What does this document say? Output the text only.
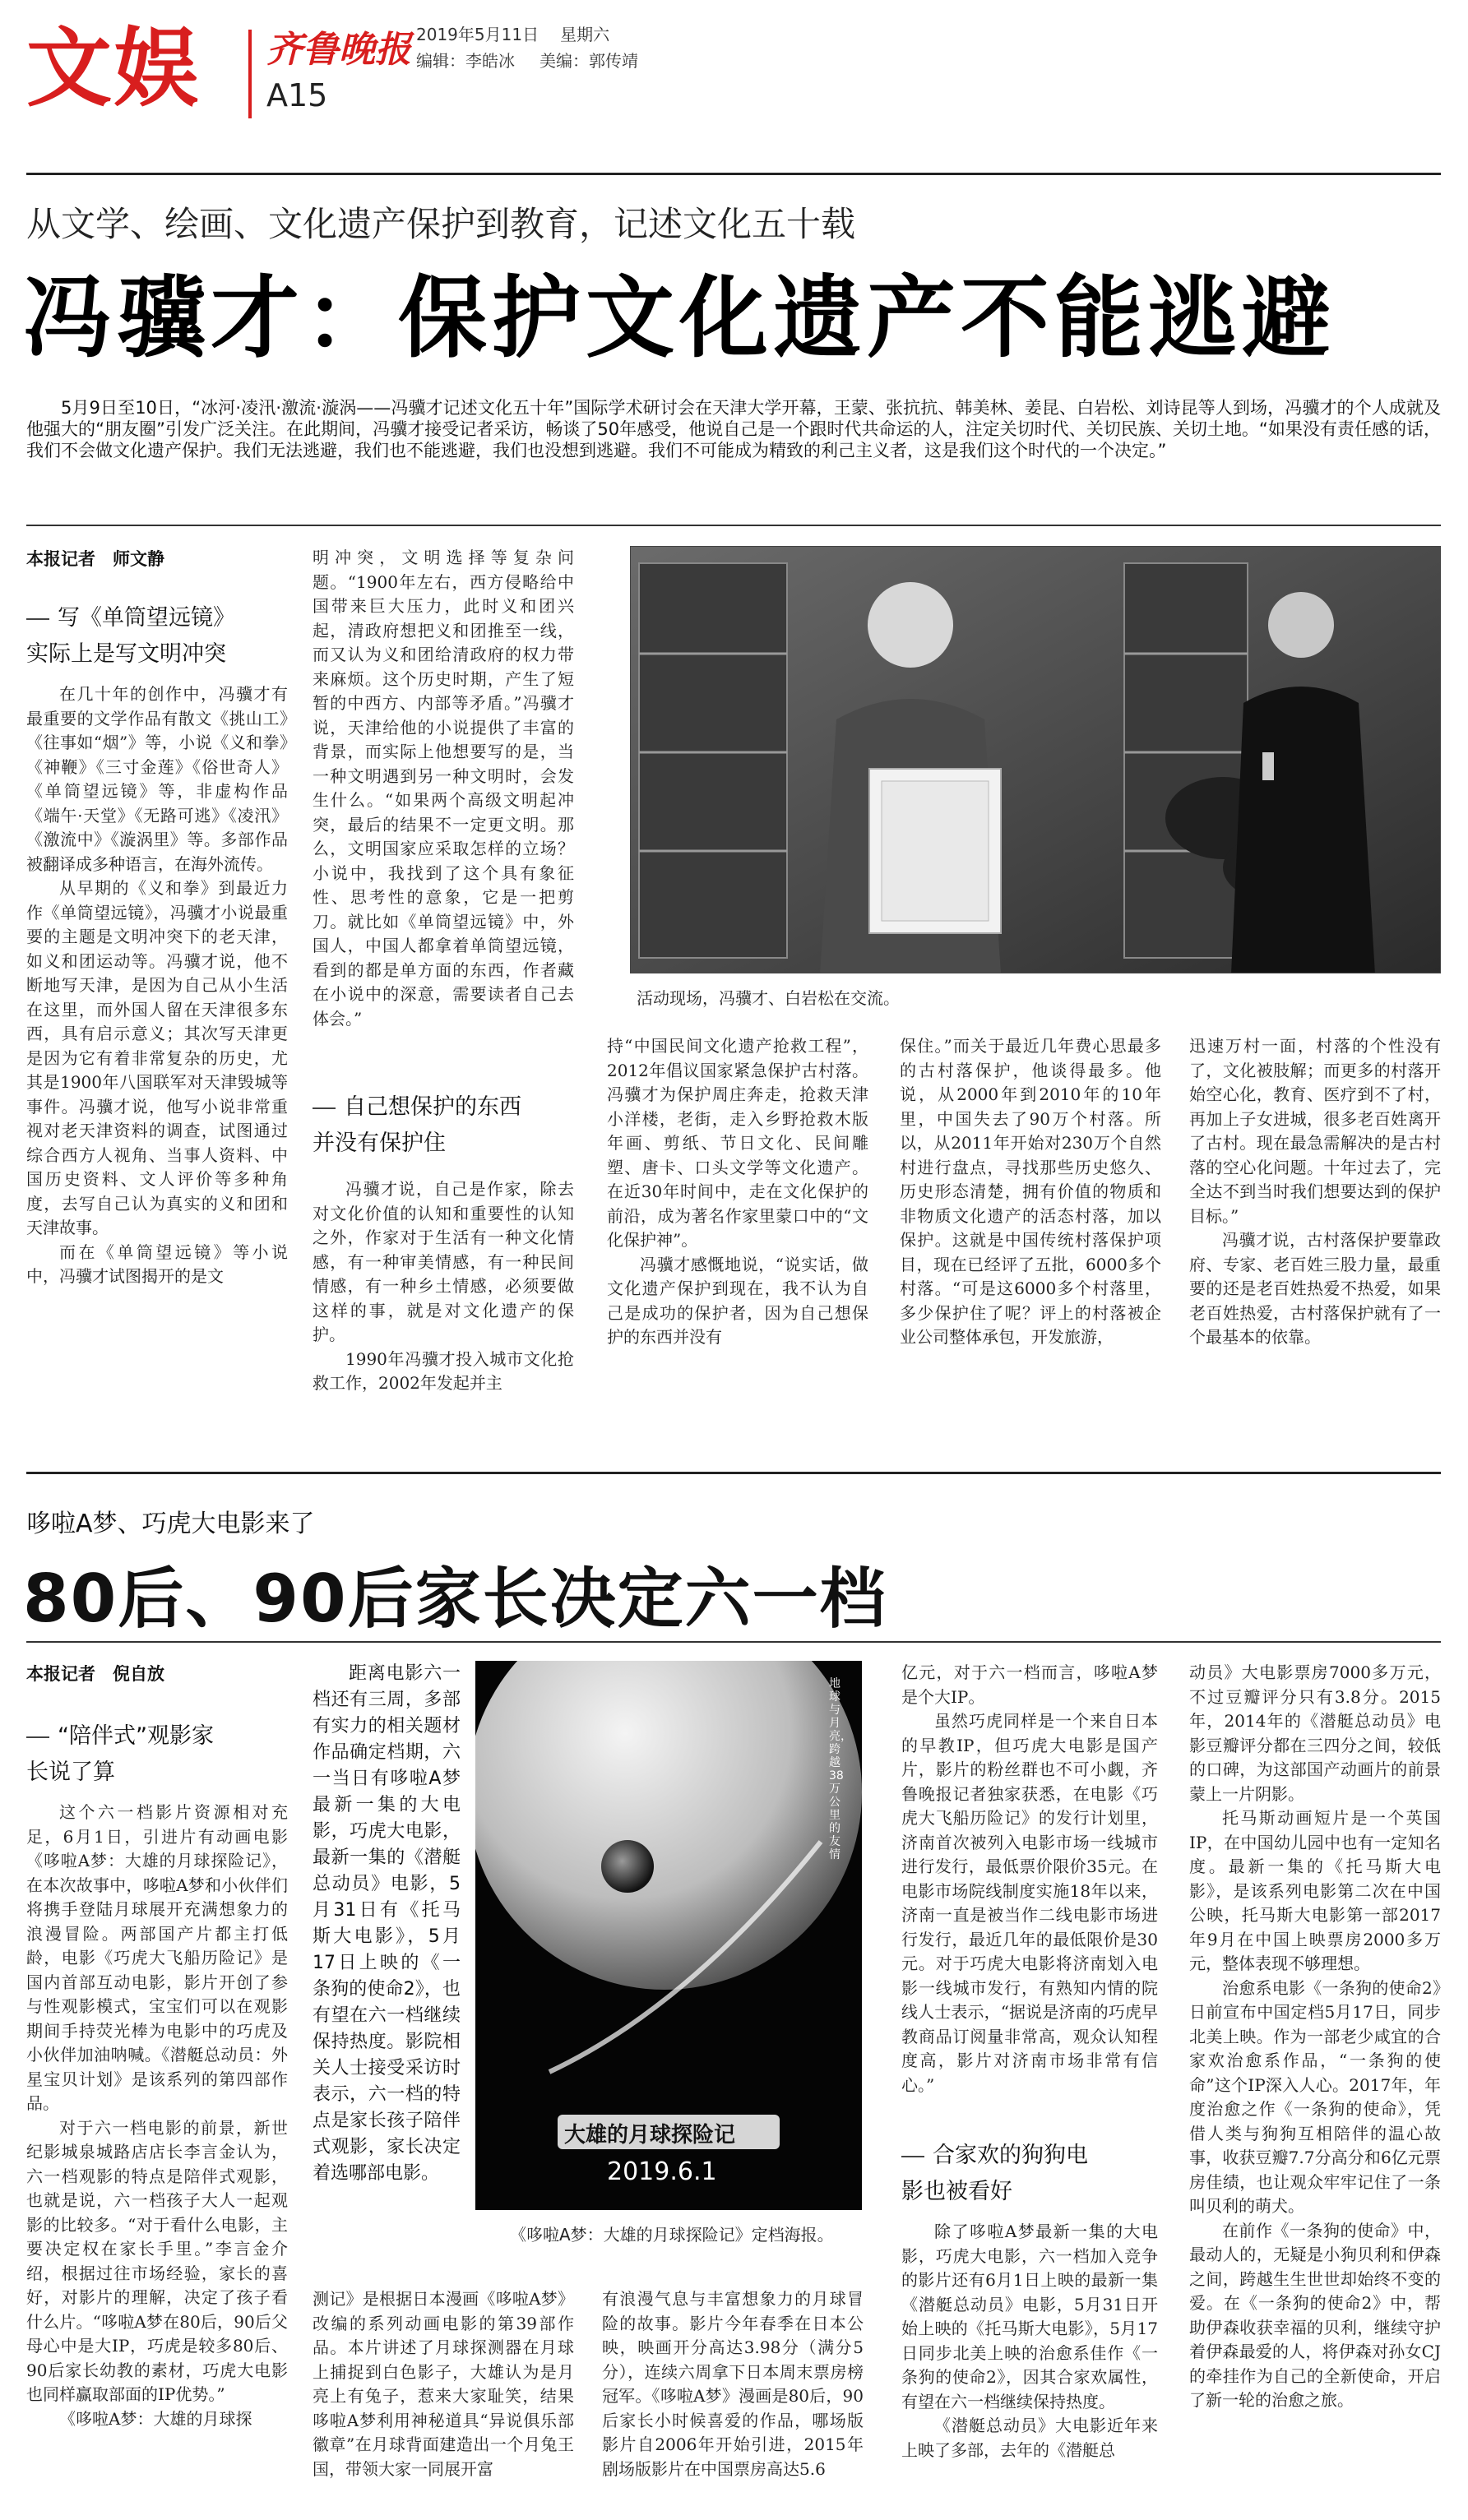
文娱 齐鲁晚报 2019年5月11日 星期六
编辑：李皓冰 美编：郭传靖
A15
从文学、绘画、文化遗产保护到教育，记述文化五十载
冯骥才：保护文化遗产不能逃避
5月9日至10日，“冰河·凌汛·激流·漩涡——冯骥才记述文化五十年”国际学术研讨会在天津大学开幕，王蒙、张抗抗、韩美林、姜昆、白岩松、刘诗昆等人到场，冯骥才的个人成就及他强大的“朋友圈”引发广泛关注。在此期间，冯骥才接受记者采访，畅谈了50年感受，他说自己是一个跟时代共命运的人，注定关切时代、关切民族、关切土地。“如果没有责任感的话，我们不会做文化遗产保护。我们无法逃避，我们也不能逃避，我们也没想到逃避。我们不可能成为精致的利己主义者，这是我们这个时代的一个决定。”
本报记者　师文静
写《单筒望远镜》
实际上是写文明冲突

在几十年的创作中，冯骥才有最重要的文学作品有散文《挑山工》《往事如“烟”》等，小说《义和拳》《神鞭》《三寸金莲》《俗世奇人》《单筒望远镜》等，非虚构作品《端午·天堂》《无路可逃》《凌汛》《激流中》《漩涡里》等。多部作品被翻译成多种语言，在海外流传。

从早期的《义和拳》到最近力作《单筒望远镜》，冯骥才小说最重要的主题是文明冲突下的老天津，如义和团运动等。冯骥才说，他不断地写天津，是因为自己从小生活在这里，而外国人留在天津很多东西，具有启示意义；其次写天津更是因为它有着非常复杂的历史，尤其是1900年八国联军对天津毁城等事件。冯骥才说，他写小说非常重视对老天津资料的调查，试图通过综合西方人视角、当事人资料、中国历史资料、文人评价等多种角度，去写自己认为真实的义和团和天津故事。

而在《单筒望远镜》等小说中，冯骥才试图揭开的是文

明冲突，文明选择等复杂问题。“1900年左右，西方侵略给中国带来巨大压力，此时义和团兴起，清政府想把义和团推至一线，而又认为义和团给清政府的权力带来麻烦。这个历史时期，产生了短暂的中西方、内部等矛盾。”冯骥才说，天津给他的小说提供了丰富的背景，而实际上他想要写的是，当一种文明遇到另一种文明时，会发生什么。“如果两个高级文明起冲突，最后的结果不一定更文明。那么，文明国家应采取怎样的立场？小说中，我找到了这个具有象征性、思考性的意象，它是一把剪刀。就比如《单筒望远镜》中，外国人，中国人都拿着单筒望远镜，看到的都是单方面的东西，作者藏在小说中的深意，需要读者自己去体会。”

自己想保护的东西
并没有保护住

冯骥才说，自己是作家，除去对文化价值的认知和重要性的认知之外，作家对于生活有一种文化情感，有一种审美情感，有一种民间情感，有一种乡土情感，必须要做这样的事，就是对文化遗产的保护。

1990年冯骥才投入城市文化抢救工作，2002年发起并主

活动现场，冯骥才、白岩松在交流。

持“中国民间文化遗产抢救工程”，2012年倡议国家紧急保护古村落。冯骥才为保护周庄奔走，抢救天津小洋楼，老街，走入乡野抢救木版年画、剪纸、节日文化、民间雕塑、唐卡、口头文学等文化遗产。在近30年时间中，走在文化保护的前沿，成为著名作家里蒙口中的“文化保护神”。

冯骥才感慨地说，“说实话，做文化遗产保护到现在，我不认为自己是成功的保护者，因为自己想保护的东西并没有

保住。”而关于最近几年费心思最多的古村落保护，他谈得最多。他说，从2000年到2010年的10年里，中国失去了90万个村落。所以，从2011年开始对230万个自然村进行盘点，寻找那些历史悠久、历史形态清楚，拥有价值的物质和非物质文化遗产的活态村落，加以保护。这就是中国传统村落保护项目，现在已经评了五批，6000多个村落。“可是这6000多个村落里，多少保护住了呢？评上的村落被企业公司整体承包，开发旅游，

迅速万村一面，村落的个性没有了，文化被肢解；而更多的村落开始空心化，教育、医疗到不了村，再加上子女进城，很多老百姓离开了古村。现在最急需解决的是古村落的空心化问题。十年过去了，完全达不到当时我们想要达到的保护目标。”

冯骥才说，古村落保护要靠政府、专家、老百姓三股力量，最重要的还是老百姓热爱不热爱，如果老百姓热爱，古村落保护就有了一个最基本的依靠。

哆啦A梦、巧虎大电影来了
80后、90后家长决定六一档
本报记者　倪自放
“陪伴式”观影家
长说了算

这个六一档影片资源相对充足，6月1日，引进片有动画电影《哆啦A梦：大雄的月球探险记》，在本次故事中，哆啦A梦和小伙伴们将携手登陆月球展开充满想象力的浪漫冒险。两部国产片都主打低龄，电影《巧虎大飞船历险记》是国内首部互动电影，影片开创了参与性观影模式，宝宝们可以在观影期间手持荧光棒为电影中的巧虎及小伙伴加油呐喊。《潜艇总动员：外星宝贝计划》是该系列的第四部作品。

对于六一档电影的前景，新世纪影城泉城路店店长李言金认为，六一档观影的特点是陪伴式观影，也就是说，六一档孩子大人一起观影的比较多。“对于看什么电影，主要决定权在家长手里。”李言金介绍，根据过往市场经验，家长的喜好，对影片的理解，决定了孩子看什么片。“哆啦A梦在80后，90后父母心中是大IP，巧虎是较多80后、90后家长幼教的素材，巧虎大电影也同样赢取部面的IP优势。”

《哆啦A梦：大雄的月球探

距离电影六一档还有三周，多部有实力的相关题材作品确定档期，六一当日有哆啦A梦最新一集的大电影，巧虎大电影，最新一集的《潜艇总动员》电影，5月31日有《托马斯大电影》，5月17日上映的《一条狗的使命2》，也有望在六一档继续保持热度。影院相关人士接受采访时表示，六一档的特点是家长孩子陪伴式观影，家长决定着选哪部电影。
大雄的月球探险记
2019.6.1
地球与月亮，跨越38万公里的友情
《哆啦A梦：大雄的月球探险记》定档海报。

测记》是根据日本漫画《哆啦A梦》改编的系列动画电影的第39部作品。本片讲述了月球探测器在月球上捕捉到白色影子，大雄认为是月亮上有兔子，惹来大家耻笑，结果哆啦A梦利用神秘道具“异说俱乐部徽章”在月球背面建造出一个月兔王国，带领大家一同展开富

有浪漫气息与丰富想象力的月球冒险的故事。影片今年春季在日本公映，映画开分高达3.98分（满分5分），连续六周拿下日本周末票房榜冠军。《哆啦A梦》漫画是80后，90后家长小时候喜爱的作品，哪场版影片自2006年开始引进，2015年剧场版影片在中国票房高达5.6

亿元，对于六一档而言，哆啦A梦是个大IP。

虽然巧虎同样是一个来自日本的早教IP，但巧虎大电影是国产片，影片的粉丝群也不可小觑，齐鲁晚报记者独家获悉，在电影《巧虎大飞船历险记》的发行计划里，济南首次被列入电影市场一线城市进行发行，最低票价限价35元。在电影市场院线制度实施18年以来，济南一直是被当作二线电影市场进行发行，最近几年的最低限价是30元。对于巧虎大电影将济南划入电影一线城市发行，有熟知内情的院线人士表示，“据说是济南的巧虎早教商品订阅量非常高，观众认知程度高，影片对济南市场非常有信心。”

合家欢的狗狗电
影也被看好

除了哆啦A梦最新一集的大电影，巧虎大电影，六一档加入竞争的影片还有6月1日上映的最新一集《潜艇总动员》电影，5月31日开始上映的《托马斯大电影》，5月17日同步北美上映的治愈系佳作《一条狗的使命2》，因其合家欢属性，有望在六一档继续保持热度。

《潜艇总动员》大电影近年来上映了多部，去年的《潜艇总

动员》大电影票房7000多万元，不过豆瓣评分只有3.8分。2015年，2014年的《潜艇总动员》电影豆瓣评分都在三四分之间，较低的口碑，为这部国产动画片的前景蒙上一片阴影。

托马斯动画短片是一个英国IP，在中国幼儿园中也有一定知名度。最新一集的《托马斯大电影》，是该系列电影第二次在中国公映，托马斯大电影第一部2017年9月在中国上映票房2000多万元，整体表现不够理想。

治愈系电影《一条狗的使命2》日前宣布中国定档5月17日，同步北美上映。作为一部老少咸宜的合家欢治愈系作品，“一条狗的使命”这个IP深入人心。2017年，年度治愈之作《一条狗的使命》，凭借人类与狗狗互相陪伴的温心故事，收获豆瓣7.7分高分和6亿元票房佳绩，也让观众牢牢记住了一条叫贝利的萌犬。

在前作《一条狗的使命》中，最动人的，无疑是小狗贝利和伊森之间，跨越生生世世却始终不变的爱。在《一条狗的使命2》中，帮助伊森收获幸福的贝利，继续守护着伊森最爱的人，将伊森对孙女CJ的牵挂作为自己的全新使命，开启了新一轮的治愈之旅。
